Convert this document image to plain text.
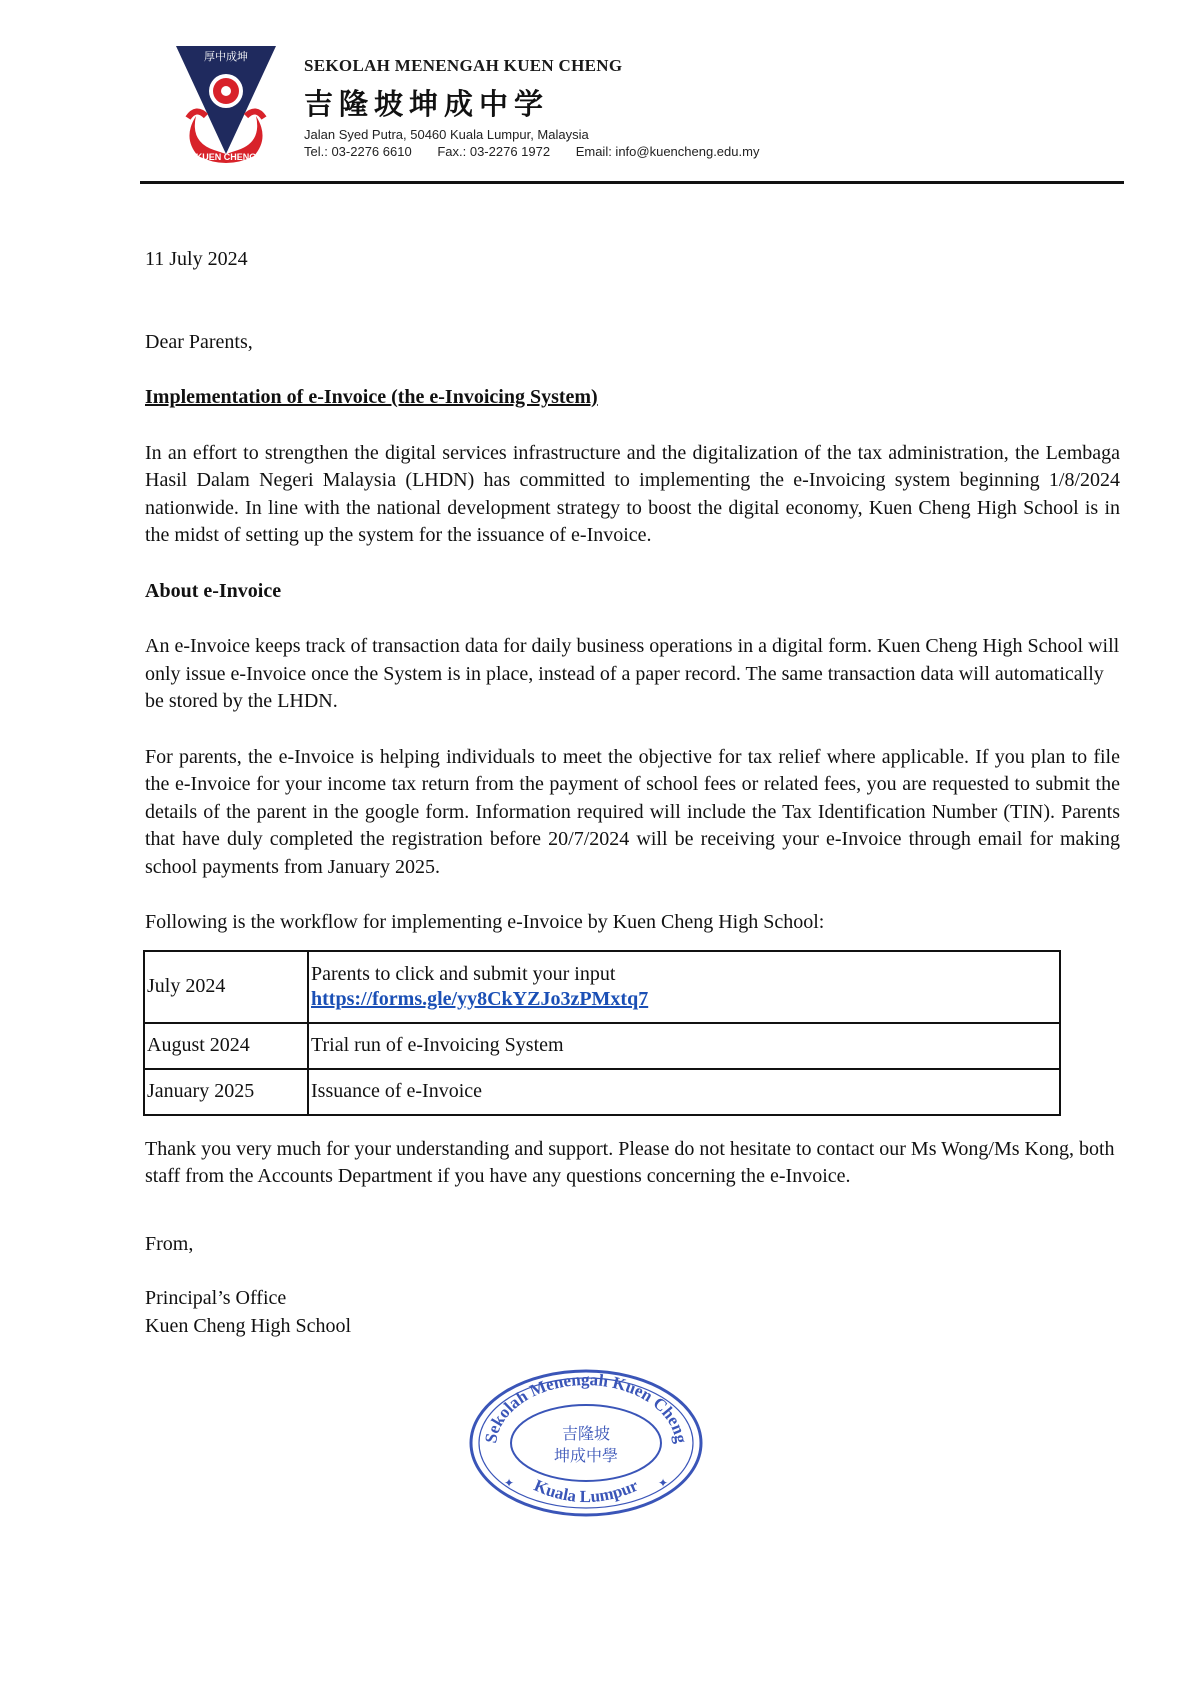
厚中成坤
KUEN CHENG

SEKOLAH MENENGAH KUEN CHENG

吉隆坡坤成中学

Jalan Syed Putra, 50460 Kuala Lumpur, Malaysia

Tel.: 03-2276 6610 Fax.: 03-2276 1972 Email: info@kuencheng.edu.my

11 July 2024

Dear Parents,

Implementation of e-Invoice (the e-Invoicing System)

In an effort to strengthen the digital services infrastructure and the digitalization of the tax administration, the Lembaga Hasil Dalam Negeri Malaysia (LHDN) has committed to implementing the e-Invoicing system beginning 1/8/2024 nationwide. In line with the national development strategy to boost the digital economy, Kuen Cheng High School is in the midst of setting up the system for the issuance of e-Invoice.

About e-Invoice

An e-Invoice keeps track of transaction data for daily business operations in a digital form. Kuen Cheng High School will only issue e-Invoice once the System is in place, instead of a paper record. The same transaction data will automatically be stored by the LHDN.

For parents, the e-Invoice is helping individuals to meet the objective for tax relief where applicable. If you plan to file the e-Invoice for your income tax return from the payment of school fees or related fees, you are requested to submit the details of the parent in the google form. Information required will include the Tax Identification Number (TIN). Parents that have duly completed the registration before 20/7/2024 will be receiving your e-Invoice through email for making school payments from January 2025.

Following is the workflow for implementing e-Invoice by Kuen Cheng High School:

July 2024	Parents to click and submit your input
https://forms.gle/yy8CkYZJo3zPMxtq7
August 2024	Trial run of e-Invoicing System
January 2025	Issuance of e-Invoice

Thank you very much for your understanding and support. Please do not hesitate to contact our Ms Wong/Ms Kong, both staff from the Accounts Department if you have any questions concerning the e-Invoice.

From,

Principal’s Office

Kuen Cheng High School

Sekolah Menengah Kuen Cheng
吉隆坡
坤成中學
Kuala Lumpur
✦	✦
